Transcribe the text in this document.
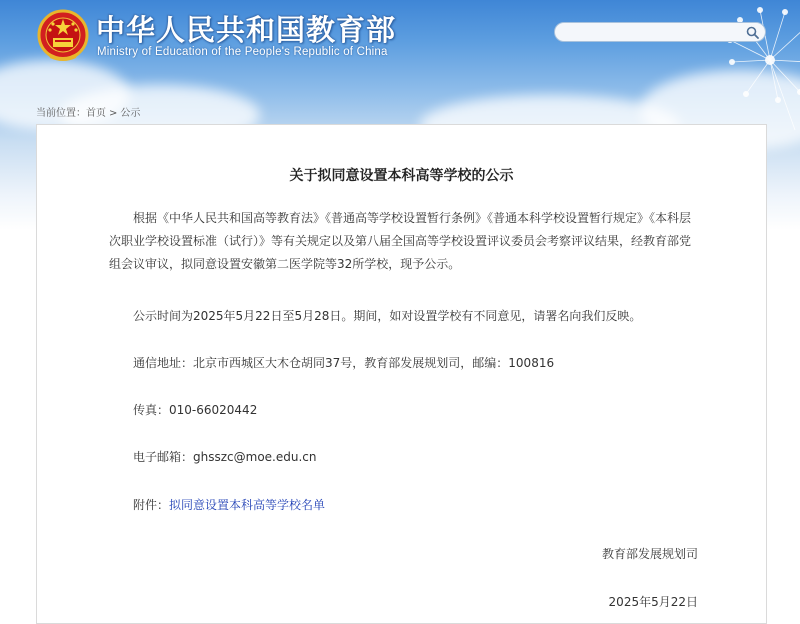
中华人民共和国教育部
Ministry of Education of the People's Republic of China
当前位置：首页 > 公示
关于拟同意设置本科高等学校的公示

根据《中华人民共和国高等教育法》《普通高等学校设置暂行条例》《普通本科学校设置暂行规定》《本科层次职业学校设置标准（试行）》等有关规定以及第八届全国高等学校设置评议委员会考察评议结果，经教育部党组会议审议，拟同意设置安徽第二医学院等32所学校，现予公示。

公示时间为2025年5月22日至5月28日。期间，如对设置学校有不同意见，请署名向我们反映。

通信地址：北京市西城区大木仓胡同37号，教育部发展规划司，邮编：100816

传真：010-66020442

电子邮箱：ghsszc@moe.edu.cn

附件：拟同意设置本科高等学校名单

教育部发展规划司
2025年5月22日
